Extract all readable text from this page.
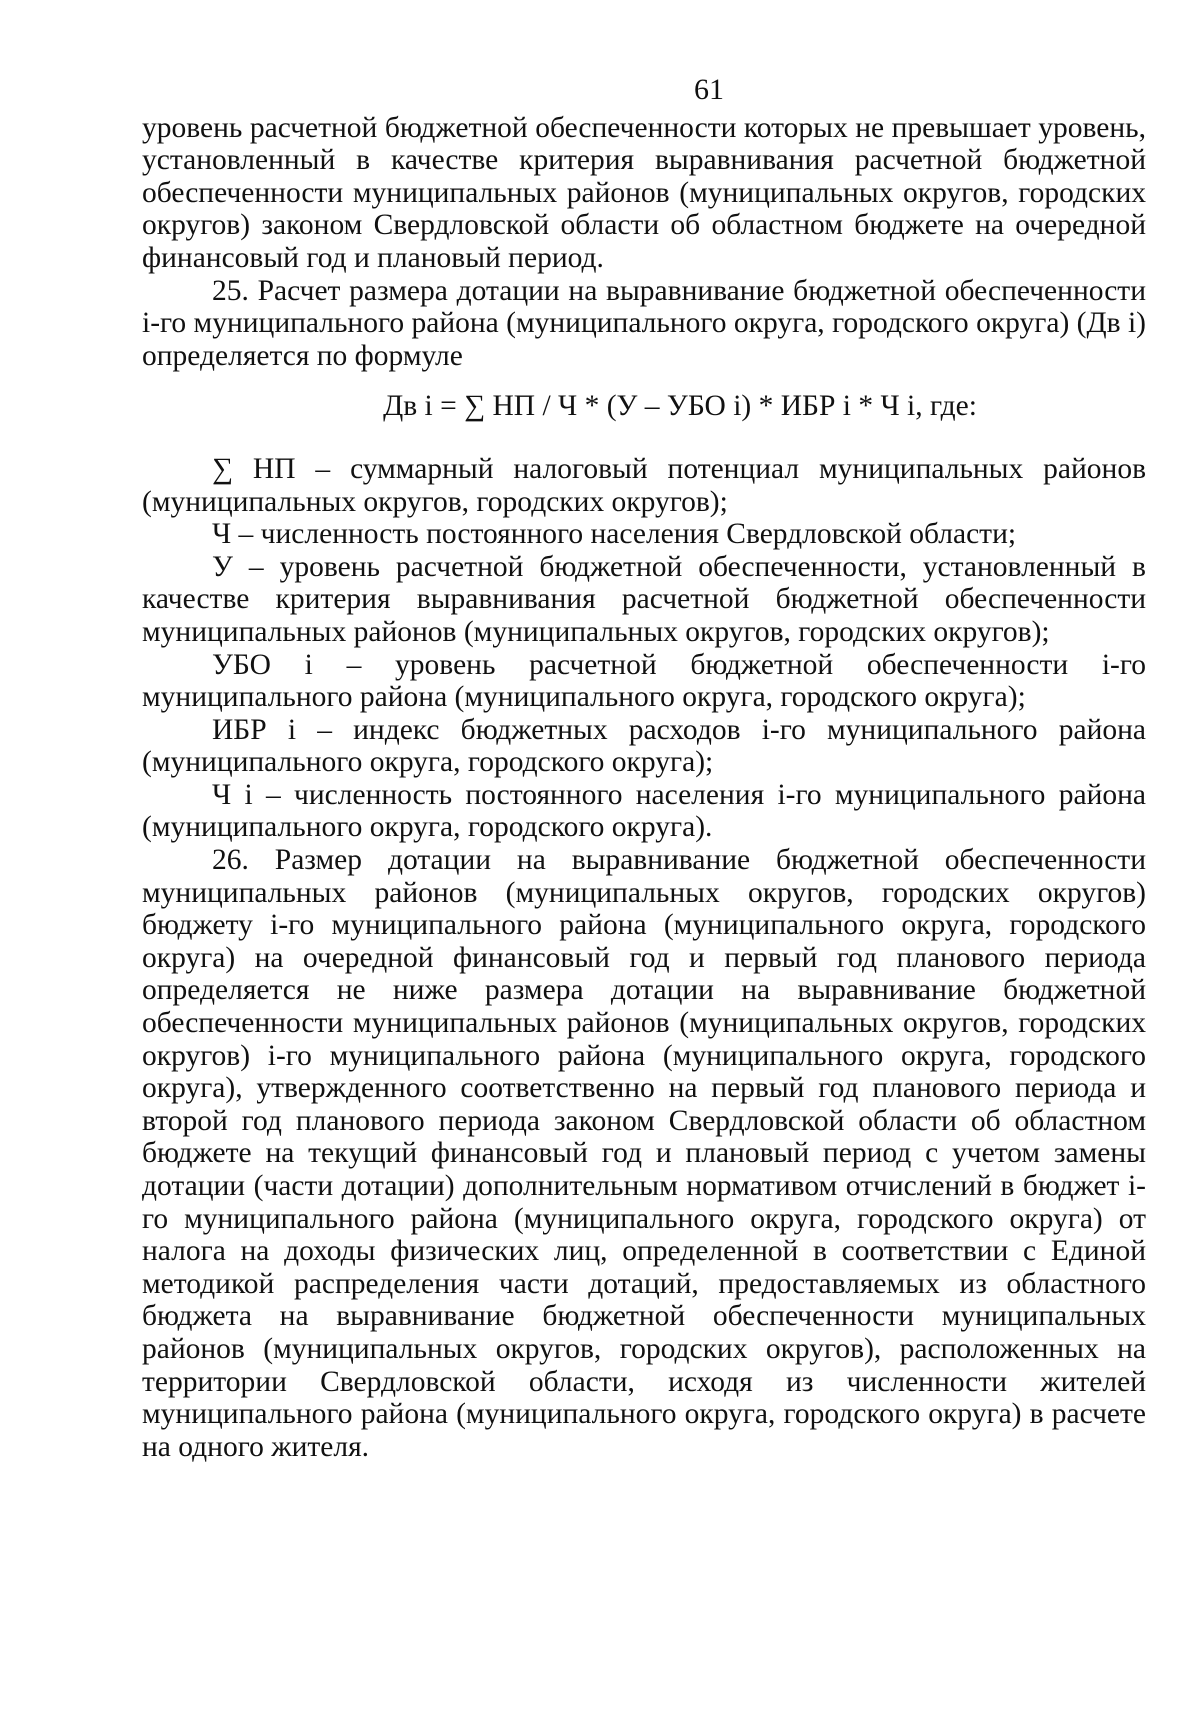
61

уровень расчетной бюджетной обеспеченности которых не превышает уровень, установленный в качестве критерия выравнивания расчетной бюджетной обеспеченности муниципальных районов (муниципальных округов, городских округов) законом Свердловской области об областном бюджете на очередной финансовый год и плановый период.

25. Расчет размера дотации на выравнивание бюджетной обеспеченности i-го муниципального района (муниципального округа, городского округа) (Дв i) определяется по формуле

Дв i = ∑ НП / Ч * (У – УБО i) * ИБР i * Ч i, где:

∑ НП – суммарный налоговый потенциал муниципальных районов (муниципальных округов, городских округов);

Ч – численность постоянного населения Свердловской области;

У – уровень расчетной бюджетной обеспеченности, установленный в качестве критерия выравнивания расчетной бюджетной обеспеченности муниципальных районов (муниципальных округов, городских округов);

УБО i – уровень расчетной бюджетной обеспеченности i-го муниципального района (муниципального округа, городского округа);

ИБР i – индекс бюджетных расходов i-го муниципального района (муниципального округа, городского округа);

Ч i – численность постоянного населения i-го муниципального района (муниципального округа, городского округа).

26. Размер дотации на выравнивание бюджетной обеспеченности муниципальных районов (муниципальных округов, городских округов) бюджету i-го муниципального района (муниципального округа, городского округа) на очередной финансовый год и первый год планового периода определяется не ниже размера дотации на выравнивание бюджетной обеспеченности муниципальных районов (муниципальных округов, городских округов) i-го муниципального района (муниципального округа, городского округа), утвержденного соответственно на первый год планового периода и второй год планового периода законом Свердловской области об областном бюджете на текущий финансовый год и плановый период с учетом замены дотации (части дотации) дополнительным нормативом отчислений в бюджет i-го муниципального района (муниципального округа, городского округа) от налога на доходы физических лиц, определенной в соответствии с Единой методикой распределения части дотаций, предоставляемых из областного бюджета на выравнивание бюджетной обеспеченности муниципальных районов (муниципальных округов, городских округов), расположенных на территории Свердловской области, исходя из численности жителей муниципального района (муниципального округа, городского округа) в расчете на одного жителя.
